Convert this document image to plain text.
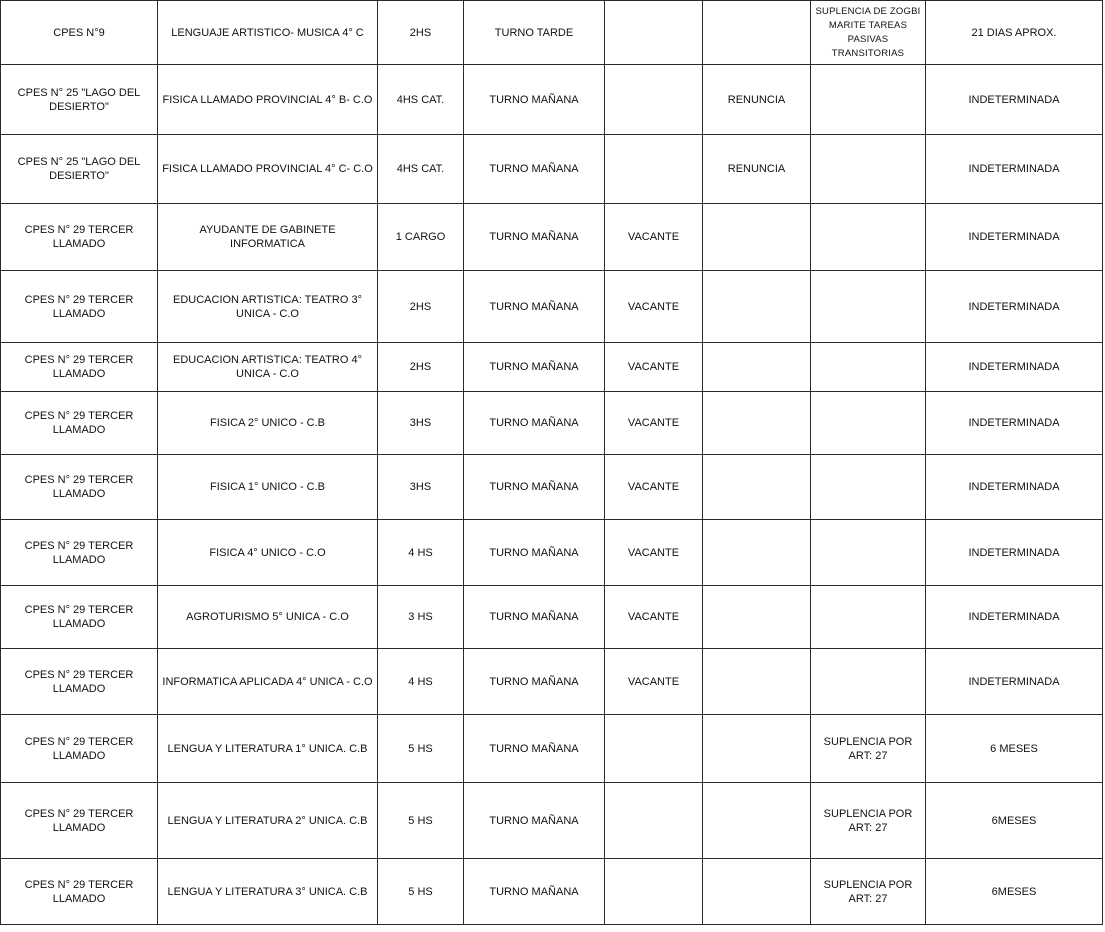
CPES N°9	LENGUAJE ARTISTICO- MUSICA 4° C	2HS	TURNO TARDE			SUPLENCIA DE ZOGBI MARITE TAREAS PASIVAS TRANSITORIAS	21 DIAS APROX.
CPES N° 25 "LAGO DEL DESIERTO"	FISICA LLAMADO PROVINCIAL 4° B- C.O	4HS CAT.	TURNO MAÑANA		RENUNCIA		INDETERMINADA
CPES N° 25 "LAGO DEL DESIERTO"	FISICA LLAMADO PROVINCIAL 4° C- C.O	4HS CAT.	TURNO MAÑANA		RENUNCIA		INDETERMINADA
CPES N° 29 TERCER LLAMADO	AYUDANTE DE GABINETE INFORMATICA	1 CARGO	TURNO MAÑANA	VACANTE			INDETERMINADA
CPES N° 29 TERCER LLAMADO	EDUCACION ARTISTICA: TEATRO 3° UNICA - C.O	2HS	TURNO MAÑANA	VACANTE			INDETERMINADA
CPES N° 29 TERCER LLAMADO	EDUCACION ARTISTICA: TEATRO 4° UNICA - C.O	2HS	TURNO MAÑANA	VACANTE			INDETERMINADA
CPES N° 29 TERCER LLAMADO	FISICA 2° UNICO - C.B	3HS	TURNO MAÑANA	VACANTE			INDETERMINADA
CPES N° 29 TERCER LLAMADO	FISICA 1° UNICO - C.B	3HS	TURNO MAÑANA	VACANTE			INDETERMINADA
CPES N° 29 TERCER LLAMADO	FISICA 4° UNICO - C.O	4 HS	TURNO MAÑANA	VACANTE			INDETERMINADA
CPES N° 29 TERCER LLAMADO	AGROTURISMO 5° UNICA - C.O	3 HS	TURNO MAÑANA	VACANTE			INDETERMINADA
CPES N° 29 TERCER LLAMADO	INFORMATICA APLICADA 4° UNICA - C.O	4 HS	TURNO MAÑANA	VACANTE			INDETERMINADA
CPES N° 29 TERCER LLAMADO	LENGUA Y LITERATURA 1° UNICA. C.B	5 HS	TURNO MAÑANA			SUPLENCIA POR ART: 27	6 MESES
CPES N° 29 TERCER LLAMADO	LENGUA Y LITERATURA 2° UNICA. C.B	5 HS	TURNO MAÑANA			SUPLENCIA POR ART: 27	6MESES
CPES N° 29 TERCER LLAMADO	LENGUA Y LITERATURA 3° UNICA. C.B	5 HS	TURNO MAÑANA			SUPLENCIA POR ART: 27	6MESES
